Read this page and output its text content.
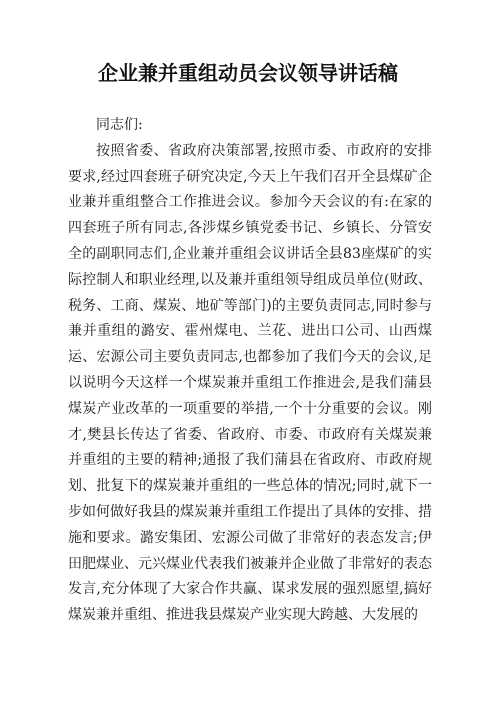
企业兼并重组动员会议领导讲话稿

同志们:

按照省委、省政府决策部署,按照市委、市政府的安排要求,经过四套班子研究决定,今天上午我们召开全县煤矿企业兼并重组整合工作推进会议。参加今天会议的有:在家的四套班子所有同志,各涉煤乡镇党委书记、乡镇长、分管安全的副职同志们,企业兼并重组会议讲话全县83座煤矿的实际控制人和职业经理,以及兼并重组领导组成员单位(财政、税务、工商、煤炭、地矿等部门)的主要负责同志,同时参与兼并重组的潞安、霍州煤电、兰花、进出口公司、山西煤运、宏源公司主要负责同志,也都参加了我们今天的会议,足以说明今天这样一个煤炭兼并重组工作推进会,是我们蒲县煤炭产业改革的一项重要的举措,一个十分重要的会议。刚才,樊县长传达了省委、省政府、市委、市政府有关煤炭兼并重组的主要的精神;通报了我们蒲县在省政府、市政府规划、批复下的煤炭兼并重组的一些总体的情况;同时,就下一步如何做好我县的煤炭兼并重组工作提出了具体的安排、措施和要求。潞安集团、宏源公司做了非常好的表态发言;伊田肥煤业、元兴煤业代表我们被兼并企业做了非常好的表态发言,充分体现了大家合作共赢、谋求发展的强烈愿望,搞好煤炭兼并重组、推进我县煤炭产业实现大跨越、大发展的
